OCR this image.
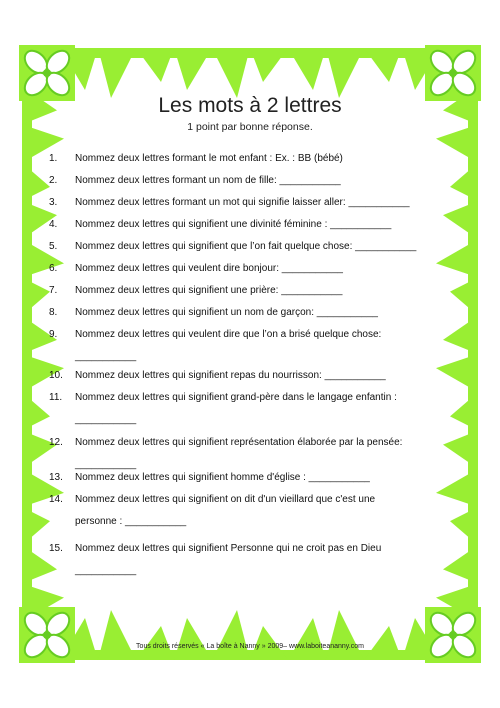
Les mots à 2 lettres
1 point par bonne réponse.
1. Nommez deux lettres formant le mot enfant : Ex. : BB (bébé)
2. Nommez deux lettres formant un nom de fille: ___________
3. Nommez deux lettres formant un mot qui signifie laisser aller: ___________
4. Nommez deux lettres qui signifient une divinité féminine : ___________
5. Nommez deux lettres qui signifient que l’on fait quelque chose: ___________
6. Nommez deux lettres qui veulent dire bonjour: ___________
7. Nommez deux lettres qui signifient une prière: ___________
8. Nommez deux lettres qui signifient un nom de garçon: ___________
9. Nommez deux lettres qui veulent dire que l’on a brisé quelque chose:
___________
10. Nommez deux lettres qui signifient repas du nourrisson: ___________
11. Nommez deux lettres qui signifient grand-père dans le langage enfantin :
___________
12. Nommez deux lettres qui signifient représentation élaborée par la pensée:
___________
13. Nommez deux lettres qui signifient homme d'église : ___________
14. Nommez deux lettres qui signifient on dit d'un vieillard que c'est une
personne : ___________
15. Nommez deux lettres qui signifient Personne qui ne croit pas en Dieu
___________
Tous droits réservés « La boîte à Nanny » 2009– www.laboiteananny.com
